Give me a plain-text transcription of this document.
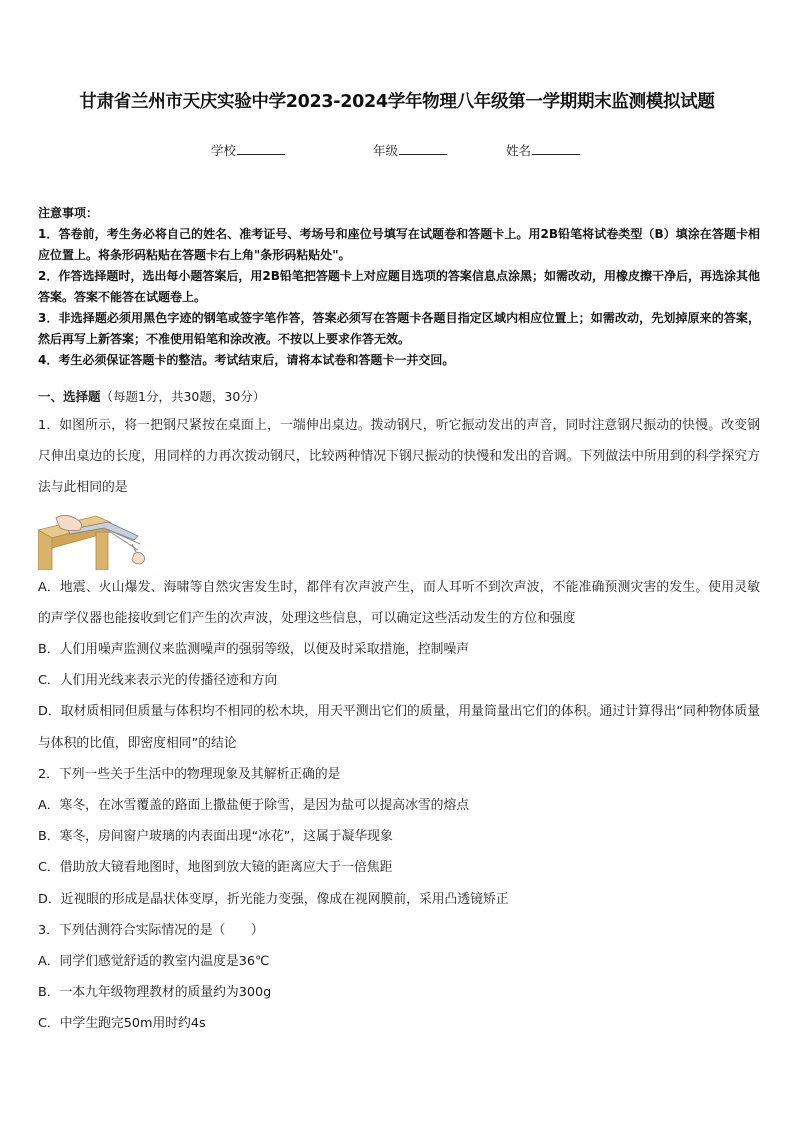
甘肃省兰州市天庆实验中学2023-2024学年物理八年级第一学期期末监测模拟试题
学校	年级	姓名

注意事项：

1．答卷前，考生务必将自己的姓名、准考证号、考场号和座位号填写在试题卷和答题卡上。用2B铅笔将试卷类型（B）填涂在答题卡相应位置上。将条形码粘贴在答题卡右上角"条形码粘贴处"。

2．作答选择题时，选出每小题答案后，用2B铅笔把答题卡上对应题目选项的答案信息点涂黑；如需改动，用橡皮擦干净后，再选涂其他答案。答案不能答在试题卷上。

3．非选择题必须用黑色字迹的钢笔或签字笔作答，答案必须写在答题卡各题目指定区域内相应位置上；如需改动，先划掉原来的答案，然后再写上新答案；不准使用铅笔和涂改液。不按以上要求作答无效。

4．考生必须保证答题卡的整洁。考试结束后，请将本试卷和答题卡一并交回。

一、选择题（每题1分，共30题，30分）

1．如图所示，将一把钢尺紧按在桌面上，一端伸出桌边。拨动钢尺，听它振动发出的声音，同时注意钢尺振动的快慢。改变钢尺伸出桌边的长度，用同样的力再次拨动钢尺，比较两种情况下钢尺振动的快慢和发出的音调。下列做法中所用到的科学探究方法与此相同的是

A．地震、火山爆发、海啸等自然灾害发生时，都伴有次声波产生，而人耳听不到次声波，不能准确预测灾害的发生。使用灵敏的声学仪器也能接收到它们产生的次声波，处理这些信息，可以确定这些活动发生的方位和强度

B．人们用噪声监测仪来监测噪声的强弱等级，以便及时采取措施，控制噪声

C．人们用光线来表示光的传播径迹和方向

D．取材质相同但质量与体积均不相同的松木块，用天平测出它们的质量，用量筒量出它们的体积。通过计算得出“同种物体质量与体积的比值，即密度相同”的结论

2．下列一些关于生活中的物理现象及其解析正确的是

A．寒冬，在冰雪覆盖的路面上撒盐便于除雪，是因为盐可以提高冰雪的熔点

B．寒冬，房间窗户玻璃的内表面出现“冰花”，这属于凝华现象

C．借助放大镜看地图时，地图到放大镜的距离应大于一倍焦距

D．近视眼的形成是晶状体变厚，折光能力变强，像成在视网膜前，采用凸透镜矫正

3．下列估测符合实际情况的是（　　）

A．同学们感觉舒适的教室内温度是36℃

B．一本九年级物理教材的质量约为300g

C．中学生跑完50m用时约4s
